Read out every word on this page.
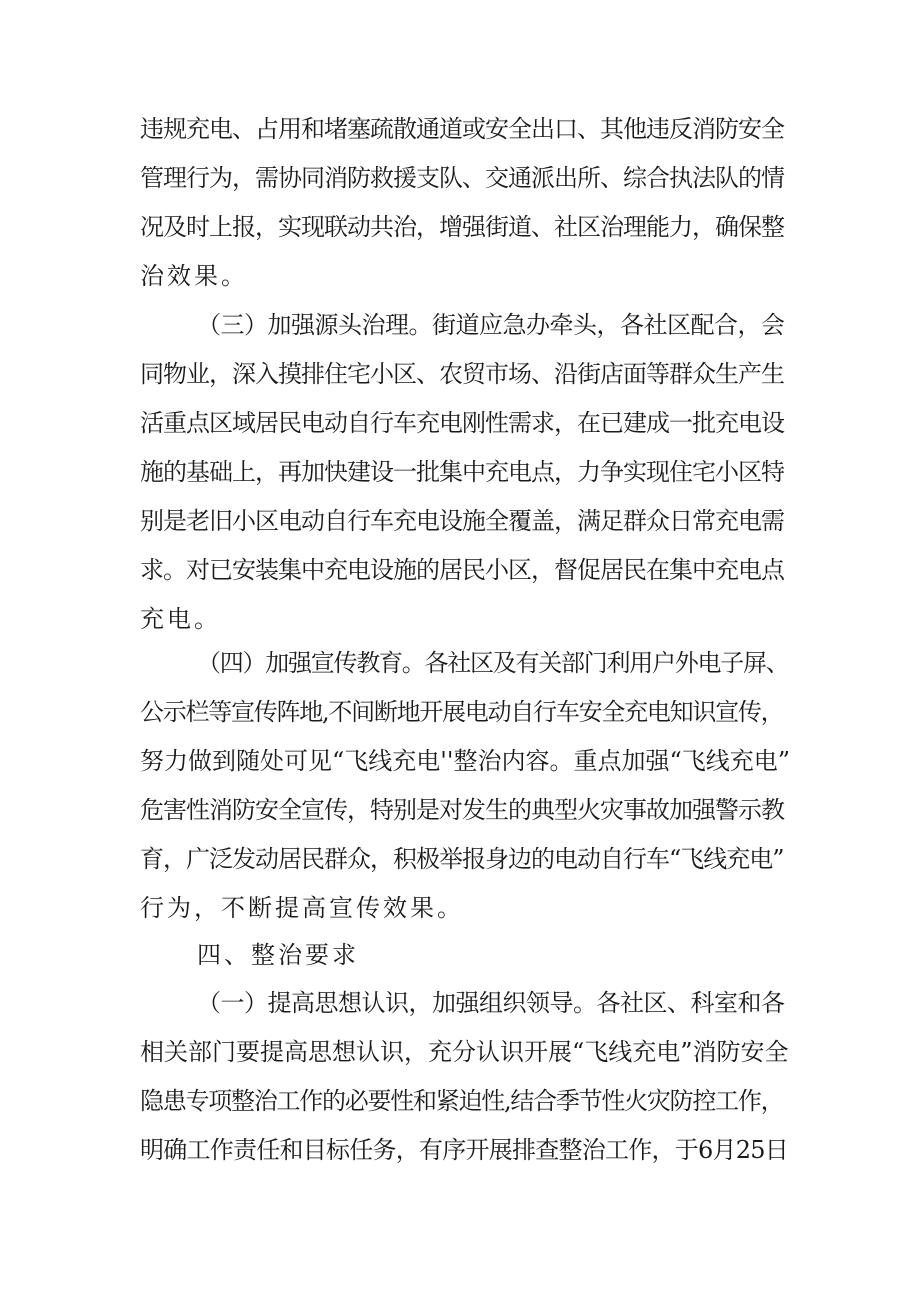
违规充电、占用和堵塞疏散通道或安全出口、其他违反消防安全
管理行为，需协同消防救援支队、交通派出所、综合执法队的情
况及时上报，实现联动共治，增强街道、社区治理能力，确保整
治效果。
（三）加强源头治理。街道应急办牵头，各社区配合，会
同物业，深入摸排住宅小区、农贸市场、沿街店面等群众生产生
活重点区域居民电动自行车充电刚性需求，在已建成一批充电设
施的基础上，再加快建设一批集中充电点，力争实现住宅小区特
别是老旧小区电动自行车充电设施全覆盖，满足群众日常充电需
求。对已安装集中充电设施的居民小区，督促居民在集中充电点
充电。
（四）加强宣传教育。各社区及有关部门利用户外电子屏、
公示栏等宣传阵地,不间断地开展电动自行车安全充电知识宣传，
努力做到随处可见“飞线充电''整治内容。重点加强“飞线充电”
危害性消防安全宣传，特别是对发生的典型火灾事故加强警示教
育，广泛发动居民群众，积极举报身边的电动自行车“飞线充电”
行为，不断提高宣传效果。
四、整治要求
（一）提高思想认识，加强组织领导。各社区、科室和各
相关部门要提高思想认识，充分认识开展“飞线充电”消防安全
隐患专项整治工作的必要性和紧迫性,结合季节性火灾防控工作，
明确工作责任和目标任务，有序开展排查整治工作，于6月25日
